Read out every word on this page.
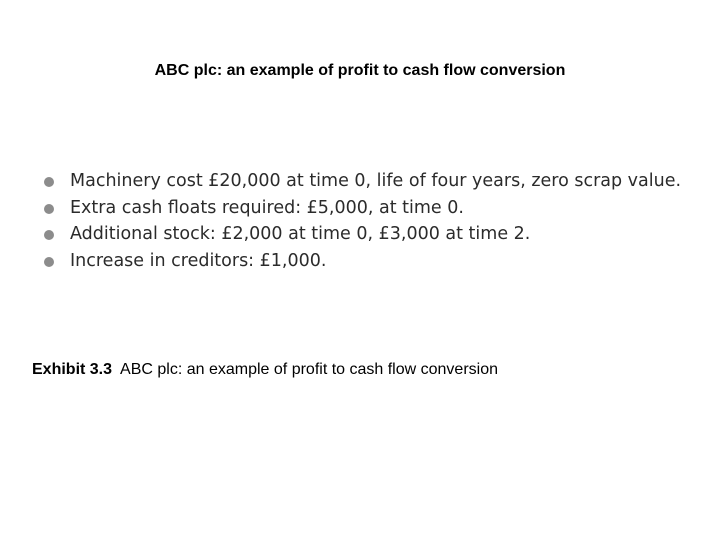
ABC plc: an example of profit to cash flow conversion
Machinery cost £20,000 at time 0, life of four years, zero scrap value.
Extra cash floats required: £5,000, at time 0.
Additional stock: £2,000 at time 0, £3,000 at time 2.
Increase in creditors: £1,000.
Exhibit 3.3 ABC plc: an example of profit to cash flow conversion
